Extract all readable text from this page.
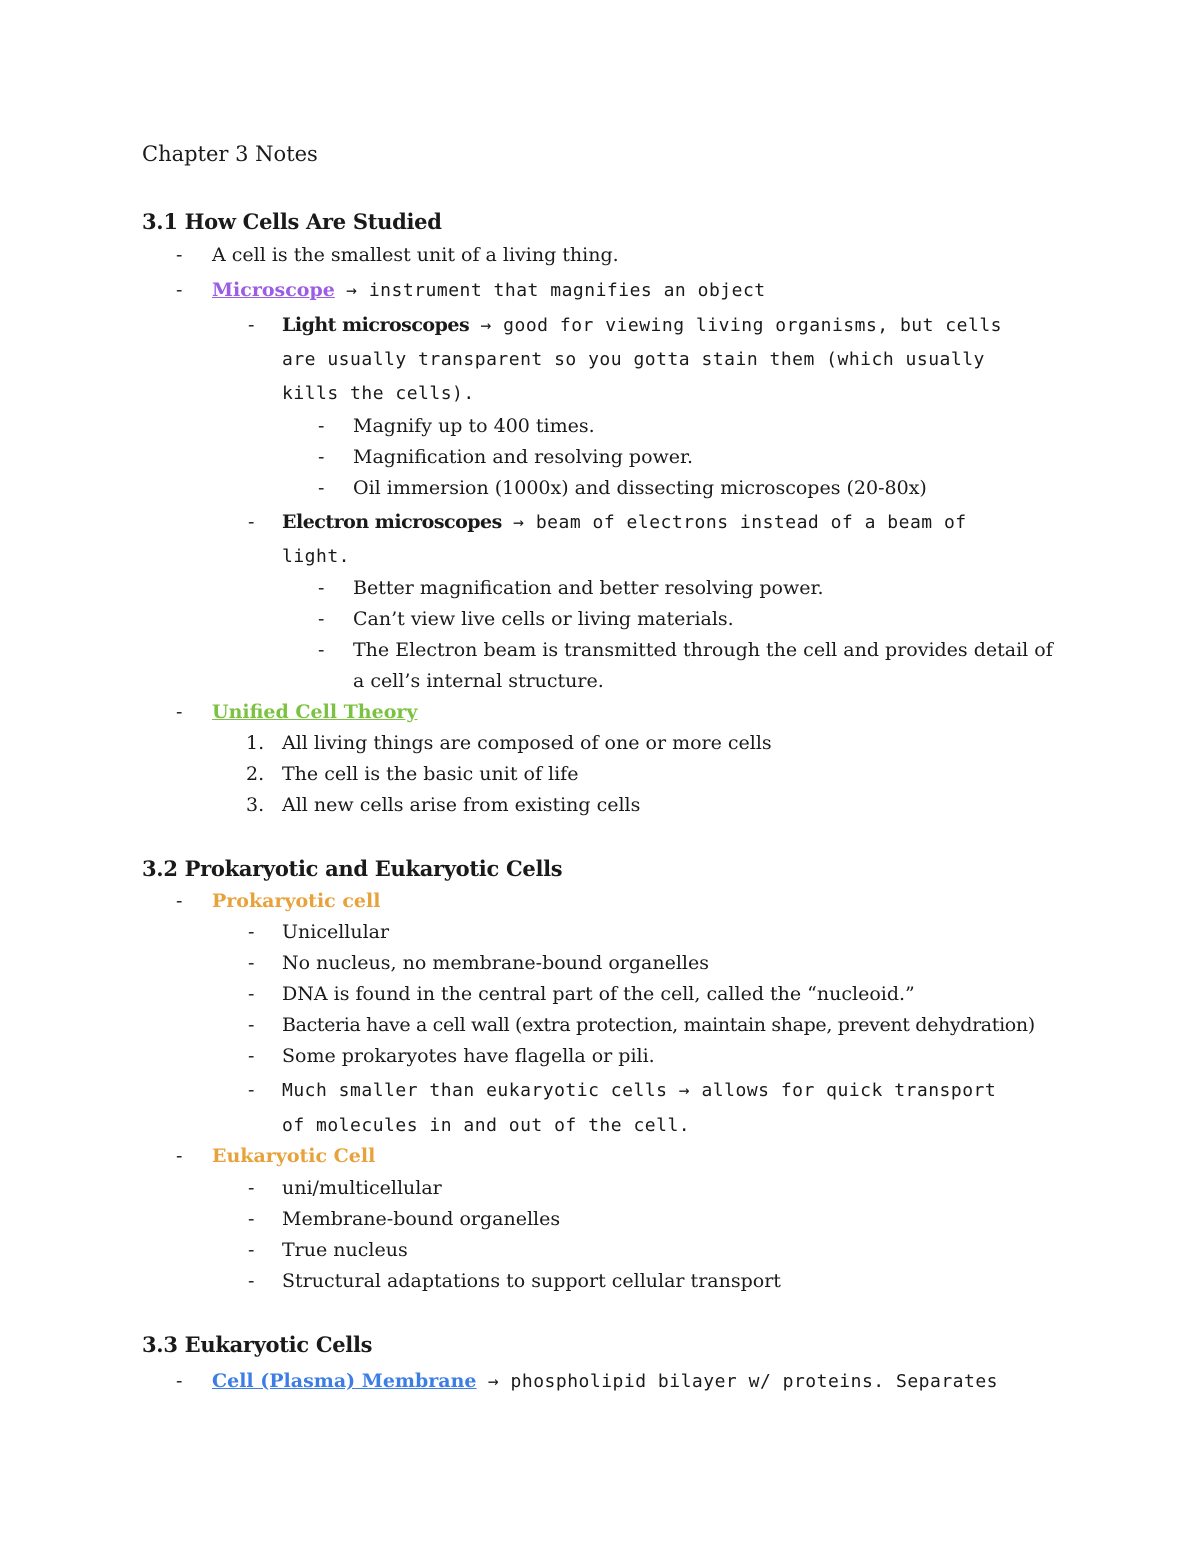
Chapter 3 Notes
3.1 How Cells Are Studied
- A cell is the smallest unit of a living thing.
- Microscope → instrument that magnifies an object
- Light microscopes → good for viewing living organisms, but cells
are usually transparent so you gotta stain them (which usually
kills the cells).
- Magnify up to 400 times.
- Magnification and resolving power.
- Oil immersion (1000x) and dissecting microscopes (20-80x)
- Electron microscopes → beam of electrons instead of a beam of
light.
- Better magnification and better resolving power.
- Can’t view live cells or living materials.
- The Electron beam is transmitted through the cell and provides detail of
a cell’s internal structure.
- Unified Cell Theory
1. All living things are composed of one or more cells
2. The cell is the basic unit of life
3. All new cells arise from existing cells
3.2 Prokaryotic and Eukaryotic Cells
- Prokaryotic cell
- Unicellular
- No nucleus, no membrane-bound organelles
- DNA is found in the central part of the cell, called the “nucleoid.”
- Bacteria have a cell wall (extra protection, maintain shape, prevent dehydration)
- Some prokaryotes have flagella or pili.
- Much smaller than eukaryotic cells → allows for quick transport
of molecules in and out of the cell.
- Eukaryotic Cell
- uni/multicellular
- Membrane-bound organelles
- True nucleus
- Structural adaptations to support cellular transport
3.3 Eukaryotic Cells
- Cell (Plasma) Membrane → phospholipid bilayer w/ proteins. Separates
